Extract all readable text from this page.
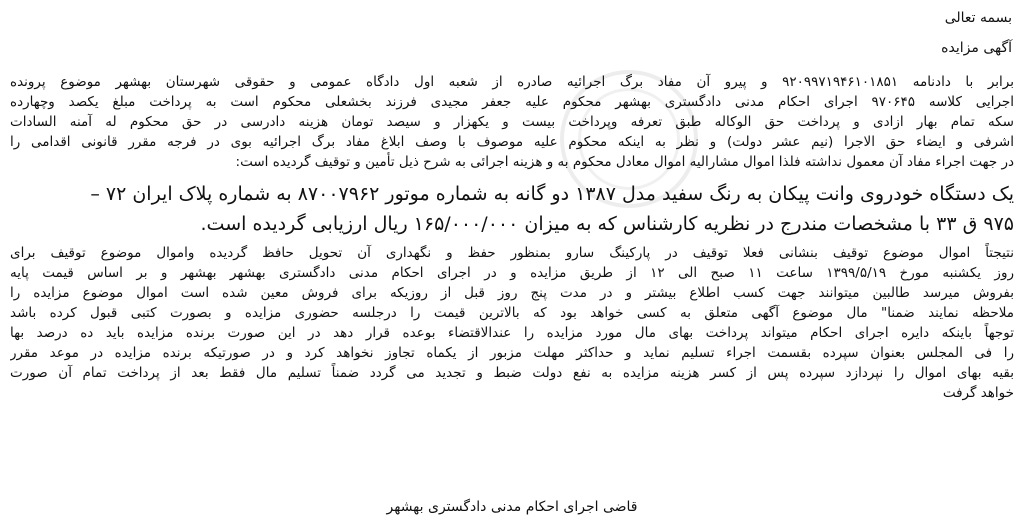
بسمه تعالی
آگهی مزایده
برابر با دادنامه ۹۲۰۹۹۷۱۹۴۶۱۰۱۸۵۱ و پیرو آن مفاد برگ اجرائیه صادره از شعبه اول دادگاه عمومی و حقوقی شهرستان بهشهر موضوع پرونده
اجرایی کلاسه ۹۷۰۶۴۵ اجرای احکام مدنی دادگستری بهشهر محکوم علیه جعفر مجیدی فرزند بخشعلی محکوم است به پرداخت مبلغ یکصد وچهارده
سکه تمام بهار ازادی و پرداخت حق الوکاله طبق تعرفه وپرداخت بیست و یکهزار و سیصد تومان هزینه دادرسی در حق محکوم له آمنه السادات
اشرفی و ایضاء حق الاجرا (نیم عشر دولت) و نظر به اینکه محکوم علیه موصوف با وصف ابلاغ مفاد برگ اجرائیه بوی در فرجه مقرر قانونی اقدامی را
در جهت اجراء مفاد آن معمول نداشته فلذا اموال مشارالیه اموال معادل محکوم به و هزینه اجرائی به شرح ذیل تأمین و توقیف گردیده است:
یک دستگاه خودروی وانت پیکان به رنگ سفید مدل ۱۳۸۷ دو گانه به شماره موتور ۸۷۰۰۷۹۶۲ به شماره پلاک ایران ۷۲ –
۹۷۵ ق ۳۳ با مشخصات مندرج در نظریه کارشناس که به میزان ۱۶۵/۰۰۰/۰۰۰ ریال ارزیابی گردیده است.
نتیجتاً اموال موضوع توقیف بنشانی فعلا توقیف در پارکینگ سارو بمنظور حفظ و نگهداری آن تحویل حافظ گردیده واموال موضوع توقیف برای
روز یکشنبه مورخ ۱۳۹۹/۵/۱۹ ساعت ۱۱ صبح الی ۱۲ از طریق مزایده و در اجرای احکام مدنی دادگستری بهشهر بهشهر و بر اساس قیمت پایه
بفروش میرسد طالبین میتوانند جهت کسب اطلاع بیشتر و در مدت پنج روز قبل از روزیکه برای فروش معین شده است اموال موضوع مزایده را
ملاحظه نمایند ضمنا" مال موضوع آگهی متعلق به کسی خواهد بود که بالاترین قیمت را درجلسه حضوری مزایده و بصورت کتبی قبول کرده باشد
توجهاً باینکه دایره اجرای احکام میتواند پرداخت بهای مال مورد مزایده را عندالاقتضاء بوعده قرار دهد در این صورت برنده مزایده باید ده درصد بها
را فی المجلس بعنوان سپرده بقسمت اجراء تسلیم نماید و حداکثر مهلت مزبور از یکماه تجاوز نخواهد کرد و در صورتیکه برنده مزایده در موعد مقرر
بقیه بهای اموال را نپردازد سپرده پس از کسر هزینه مزایده به نفع دولت ضبط و تجدید می گردد ضمناً تسلیم مال فقط بعد از پرداخت تمام آن صورت
خواهد گرفت
قاضی اجرای احکام مدنی دادگستری بهشهر
